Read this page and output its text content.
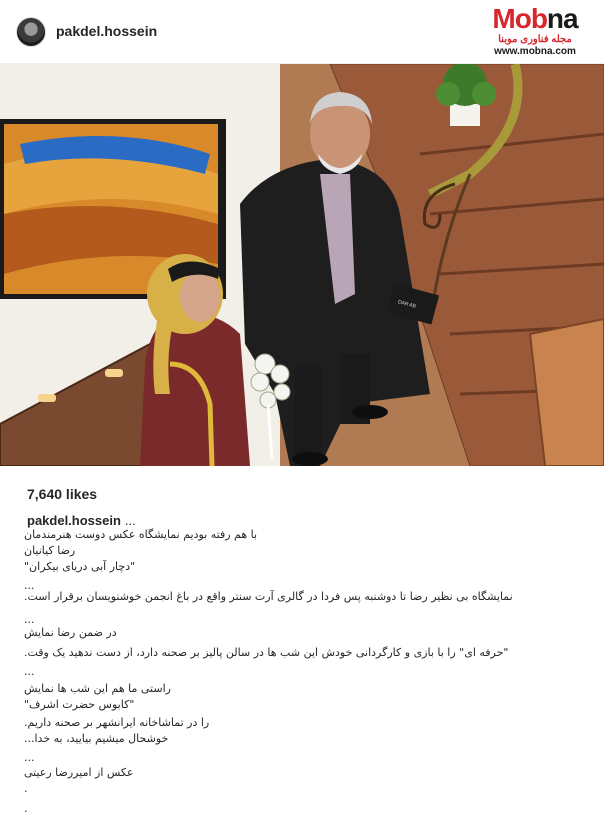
pakdel.hossein	Mobna
مجله فناوری موبنا
www.mobna.com
DAR AB
7,640 likes
pakdel.hossein ...
با هم رفته بودیم نمایشگاه عکس دوست هنرمندمان
رضا کیانیان
"دچار آبی دریای بیکران"
...
نمایشگاه بی نظیر رضا تا دوشنبه پس فردا در گالری آرت سنتر واقع در باغ انجمن خوشنویسان برقرار است.
...
در ضمن رضا نمایش
"حرفه ای" را با بازی و کارگردانی خودش این شب ها در سالن پالیز بر صحنه دارد، از دست ندهید یک وقت.
...
راستی ما هم این شب ها نمایش
"کابوس حضرت اشرف"
را در تماشاخانه ایرانشهر بر صحنه داریم.
خوشحال میشیم بیایید، به خدا...
...
عکس از امیررضا رعیتی
.
.
